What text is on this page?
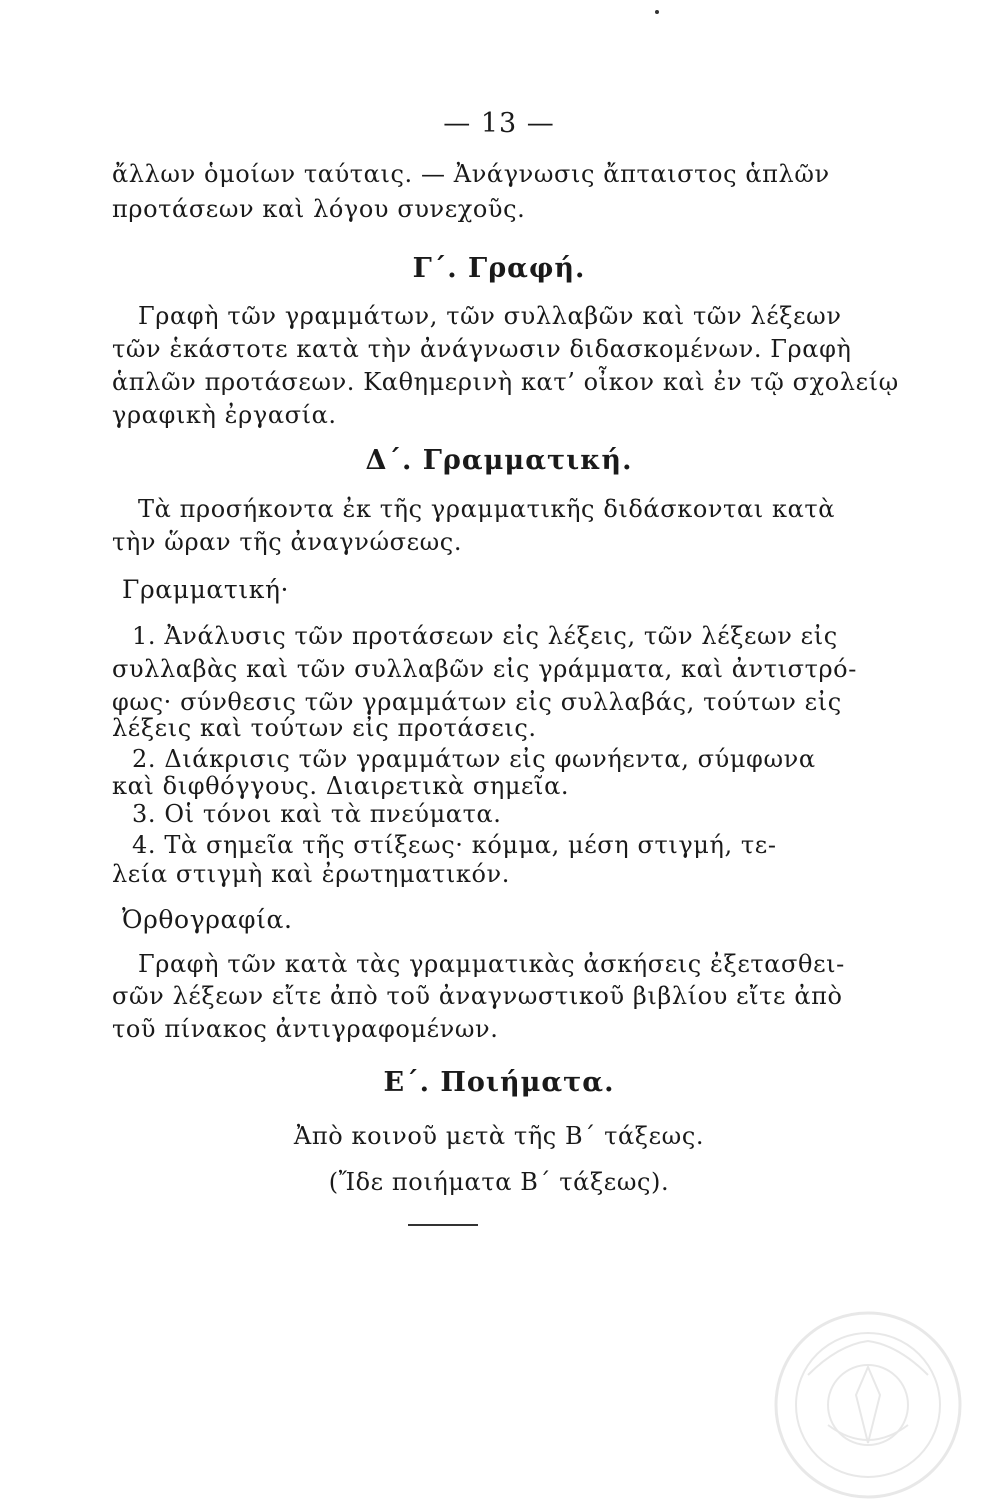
— 13 —
ἄλλων ὁμοίων ταύταις. — Ἀνάγνωσις ἄπταιστος ἁπλῶν
προτάσεων καὶ λόγου συνεχοῦς.
Γ΄. Γραφή.
Γραφὴ τῶν γραμμάτων, τῶν συλλαβῶν καὶ τῶν λέξεων
τῶν ἑκάστοτε κατὰ τὴν ἀνάγνωσιν διδασκομένων. Γραφὴ
ἁπλῶν προτάσεων. Καθημερινὴ κατ’ οἶκον καὶ ἐν τῷ σχολείῳ
γραφικὴ ἐργασία.
Δ΄. Γραμματική.
Τὰ προσήκοντα ἐκ τῆς γραμματικῆς διδάσκονται κατὰ
τὴν ὥραν τῆς ἀναγνώσεως.
Γραμματική·
1. Ἀνάλυσις τῶν προτάσεων εἰς λέξεις, τῶν λέξεων εἰς
συλλαβὰς καὶ τῶν συλλαβῶν εἰς γράμματα, καὶ ἀντιστρό-
φως· σύνθεσις τῶν γραμμάτων εἰς συλλαβάς, τούτων εἰς
λέξεις καὶ τούτων εἰς προτάσεις.
2. Διάκρισις τῶν γραμμάτων εἰς φωνήεντα, σύμφωνα
καὶ διφθόγγους. Διαιρετικὰ σημεῖα.
3. Οἱ τόνοι καὶ τὰ πνεύματα.
4. Τὰ σημεῖα τῆς στίξεως· κόμμα, μέση στιγμή, τε-
λεία στιγμὴ καὶ ἐρωτηματικόν.
Ὀρθογραφία.
Γραφὴ τῶν κατὰ τὰς γραμματικὰς ἀσκήσεις ἐξετασθει-
σῶν λέξεων εἴτε ἀπὸ τοῦ ἀναγνωστικοῦ βιβλίου εἴτε ἀπὸ
τοῦ πίνακος ἀντιγραφομένων.
Ε΄. Ποιήματα.
Ἀπὸ κοινοῦ μετὰ τῆς Β΄ τάξεως.
(Ἴδε ποιήματα Β΄ τάξεως).
